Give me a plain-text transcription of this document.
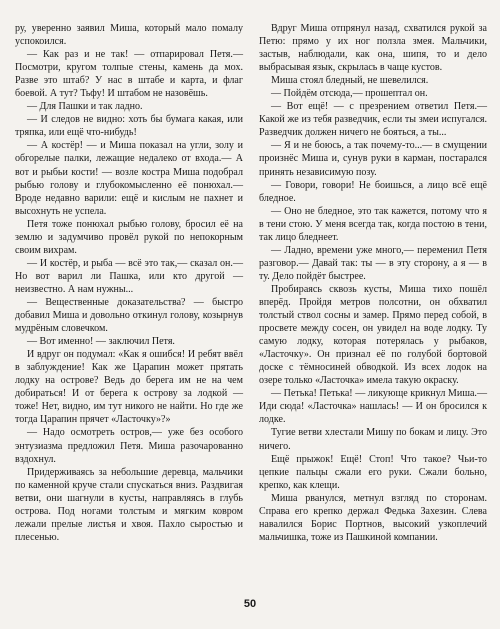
ру, уверенно заявил Миша, который мало помалу успокоился.

— Как раз и не так! — отпарировал Петя.— Посмотри, кругом толпые стены, камень да мох. Разве это штаб? У нас в штабе и карта, и флаг боевой. А тут? Тьфу! И штабом не назовёшь.

— Для Пашки и так ладно.

— И следов не видно: хоть бы бумага какая, или тряпка, или ещё что-нибудь!

— А костёр! — и Миша показал на угли, золу и обгорелые палки, лежащие недалеко от входа.— А вот и рыбьи кости! — возле костра Миша подобрал рыбью голову и глубокомысленно её понюхал.— Вроде недавно варили: ещё и кислым не пахнет и высохнуть не успела.

Петя тоже понюхал рыбью голову, бросил её на землю и задумчиво провёл рукой по непокорным своим вихрам.

— И костёр, и рыба — всё это так,— сказал он.— Но вот варил ли Пашка, или кто другой — неизвестно. А нам нужны...

— Вещественные доказательства? — быстро добавил Миша и довольно откинул голову, козырнув мудрёным словечком.

— Вот именно! — заключил Петя.

И вдруг он подумал: «Как я ошибся! И ребят ввёл в заблуждение! Как же Царапин может прятать лодку на острове? Ведь до берега им не на чем добираться! И от берега к острову за лодкой — тоже! Нет, видно, им тут никого не найти. Но где же тогда Царапин прячет «Ласточку»?»

— Надо осмотреть остров,— уже без особого энтузиазма предложил Петя. Миша разочарованно вздохнул.

Придерживаясь за небольшие деревца, мальчики по каменной круче стали спускаться вниз. Раздвигая ветви, они шагнули в кусты, направляясь в глубь острова. Под ногами толстым и мягким ковром лежали прелые листья и хвоя. Пахло сыростью и плесенью.

Вдруг Миша отпрянул назад, схватился рукой за Петю: прямо у их ног ползла змея. Мальчики, застыв, наблюдали, как она, шипя, то и дело выбрасывая язык, скрылась в чаще кустов.

Миша стоял бледный, не шевелился.

— Пойдём отсюда,— прошептал он.

— Вот ещё! — с презрением ответил Петя.— Какой же из тебя разведчик, если ты змеи испугался. Разведчик должен ничего не бояться, а ты...

— Я и не боюсь, а так почему-то...— в смущении произнёс Миша и, сунув руки в карман, постарался принять независимую позу.

— Говори, говори! Не боишься, а лицо всё ещё бледное.

— Оно не бледное, это так кажется, потому что я в тени стою. У меня всегда так, когда постою в тени, так лицо бледнеет.

— Ладно, времени уже много,— переменил Петя разговор.— Давай так: ты — в эту сторону, а я — в ту. Дело пойдёт быстрее.

Пробираясь сквозь кусты, Миша тихо пошёл вперёд. Пройдя метров полсотни, он обхватил толстый ствол сосны и замер. Прямо перед собой, в просвете между сосен, он увидел на воде лодку. Ту самую лодку, которая потерялась у рыбаков, «Ласточку». Он признал её по голубой бортовой доске с тёмносиней обводкой. Из всех лодок на озере только «Ласточка» имела такую окраску.

— Петька! Петька! — ликующе крикнул Миша.— Иди сюда! «Ласточка» нашлась! — И он бросился к лодке.

Тугие ветви хлестали Мишу по бокам и лицу. Это ничего.

Ещё прыжок! Ещё! Стоп! Что такое? Чьи-то цепкие пальцы сжали его руки. Сжали больно, крепко, как клещи.

Миша рванулся, метнул взгляд по сторонам. Справа его крепко держал Федька Захезин. Слева навалился Борис Портнов, высокий узкоплечий мальчишка, тоже из Пашкиной компании.

50
